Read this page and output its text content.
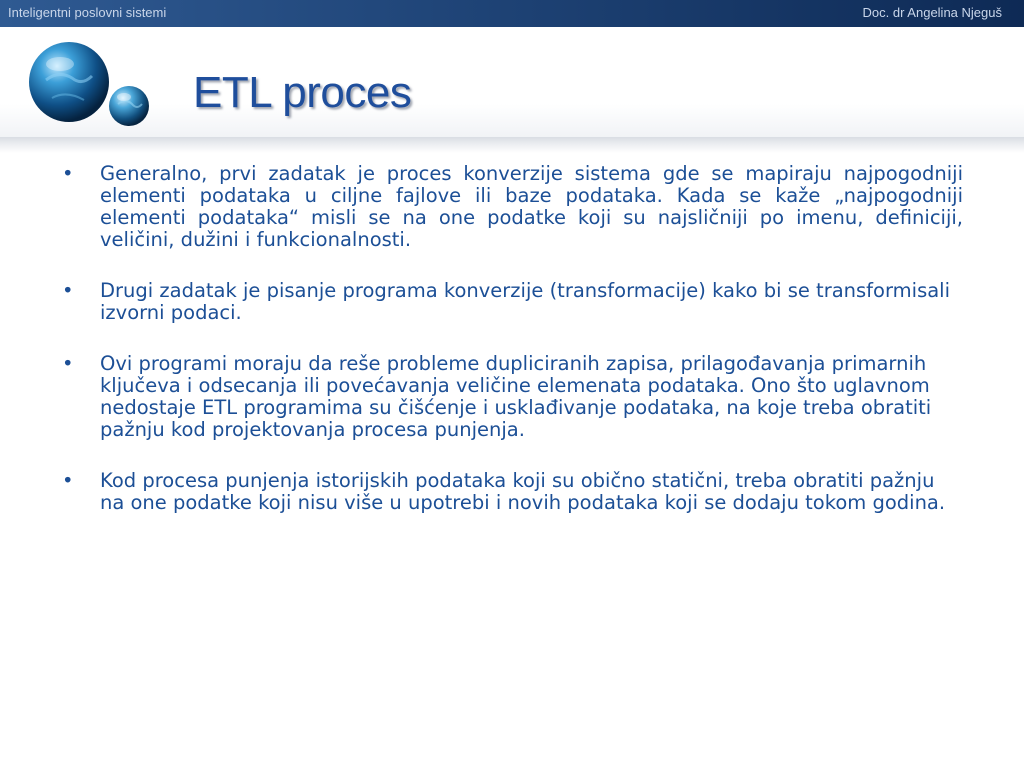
Inteligentni poslovni sistemi	Doc. dr Angelina Njeguš
ETL proces
• Generalno, prvi zadatak je proces konverzije sistema gde se mapiraju najpogodniji elementi podataka u ciljne fajlove ili baze podataka. Kada se kaže „najpogodniji elementi podataka“ misli se na one podatke koji su najsličniji po imenu, definiciji, veličini, dužini i funkcionalnosti.
• Drugi zadatak je pisanje programa konverzije (transformacije) kako bi se transformisali izvorni podaci.
• Ovi programi moraju da reše probleme dupliciranih zapisa, prilagođavanja primarnih ključeva i odsecanja ili povećavanja veličine elemenata podataka. Ono što uglavnom nedostaje ETL programima su čišćenje i usklađivanje podataka, na koje treba obratiti pažnju kod projektovanja procesa punjenja.
• Kod procesa punjenja istorijskih podataka koji su obično statični, treba obratiti pažnju na one podatke koji nisu više u upotrebi i novih podataka koji se dodaju tokom godina.
